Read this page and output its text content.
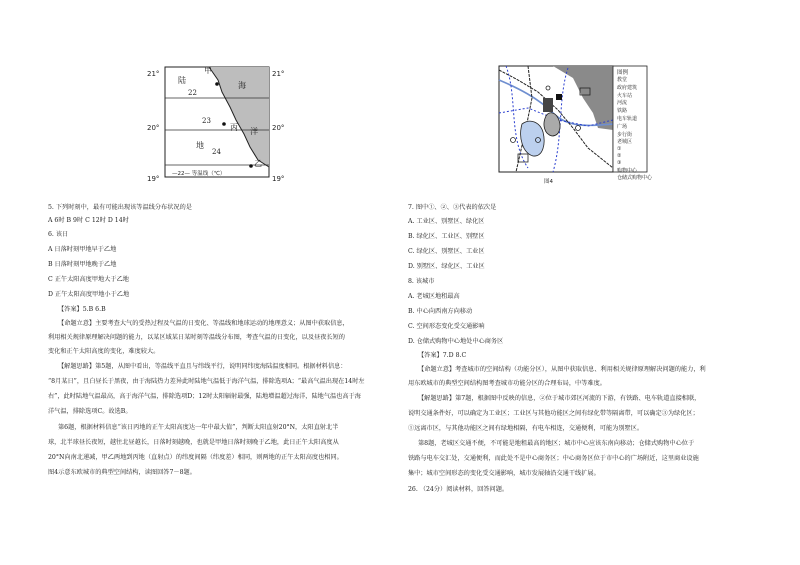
21°	21°
20°	20°
19°	19°
陆
甲
海
22
23
丙 洋
地
24
乙
—22— 等温线（℃）
图例
教堂
政府建筑
火车站
河流
铁路
电车轨道
广场
步行街
老城区
①
②
③
购物中心
仓储式购物中心
图4
5. 下列时刻中，最有可能出现该等温线分布状况的是
A 6时 B 9时 C 12时 D 14时
6. 该日
A 日落时刻甲地早于乙地
B 日落时刻甲地晚于乙地
C 正午太阳高度甲地大于乙地
D 正午太阳高度甲地小于乙地
【答案】5.B 6.B
【命题立意】主要考查大气的受热过程及气温的日变化、等温线和地球运动的地理意义；从图中获取信息，
利用相关规律原理解决问题的能力，以某区域某日某时刻等温线分布图，考查气温的日变化，以及昼夜长短的
变化和正午太阳高度的变化，难度较大。
【解题思路】第5题，从图中看出，等温线平直且与纬线平行，说明同纬度海陆温度相同。根据材料信息：
“8月某日”，且白昼长于黑夜，由于海陆热力差异此时陆地气温低于海洋气温，排除选项A；“最高气温出现在14时左
右”，此时陆地气温最高，高于海洋气温，排除选项D；12时太阳辐射最强，陆地增温超过海洋，陆地气温也高于海
洋气温，排除选项C。故选B。
第6题，根据材料信息“该日丙地的正午太阳高度达一年中最大值”，判断太阳直射20°N，太阳直射北半
球，北半球昼长夜短，越往北昼越长，日落时刻越晚，也就是甲地日落时刻晚于乙地，此日正午太阳高度从
20°N向南北递减，甲乙两地到丙地（直射点）的纬度间隔（纬度差）相同，则两地的正午太阳高度也相同。
图4示意东欧城市的典型空间结构，读图回答7－8题。
7. 图中①、②、③代表的依次是
A. 工业区、别墅区、绿化区
B. 绿化区、工业区、别墅区
C. 绿化区、别墅区、工业区
D. 别墅区、绿化区、工业区
8. 该城市
A. 老城区地租最高
B. 中心向西南方向移动
C. 空间形态变化受交通影响
D. 仓储式购物中心地处中心商务区
【答案】7.D 8.C
【命题立意】考查城市的空间结构（功能分区），从图中获取信息、利用相关规律原理解决问题的能力，利
用东欧城市的典型空间结构图考查城市功能分区的合理布局，中等难度。
【解题思路】第7题，根据图中反映的信息，②位于城市郊区河流的下游，有铁路、电车轨道直接相联，
说明交通条件好，可以确定为工业区；工业区与其他功能区之间有绿化带等隔离带，可以确定③为绿化区；
①远离市区，与其他功能区之间有绿地相隔，有电车相连，交通便利，可能为别墅区。
第8题，老城区交通不便，不可能是地租最高的地区；城市中心应该东南向移动；仓储式购物中心位于
铁路与电车交汇处，交通便利，而此处不是中心商务区；中心商务区位于市中心的广场附近，这里商业设施
集中；城市空间形态的变化受交通影响，城市发展轴沿交通干线扩展。
26. （24分）阅读材料，回答问题。
